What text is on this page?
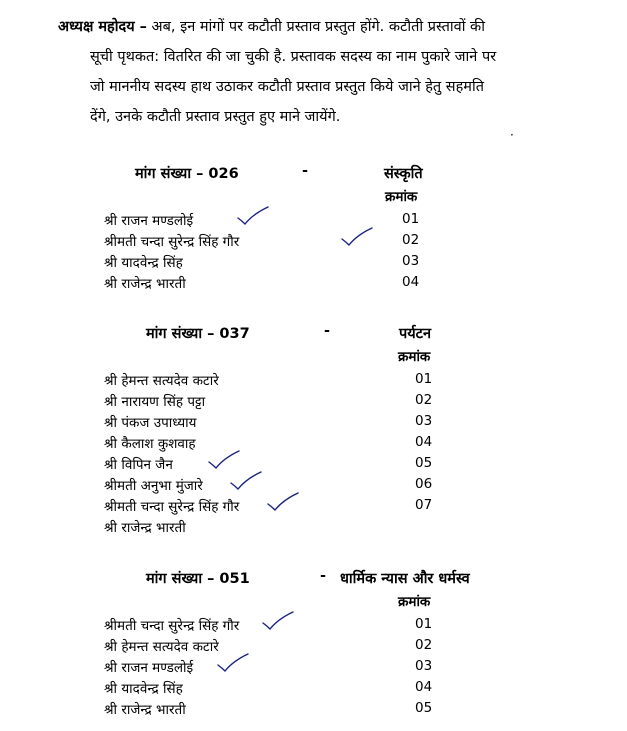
अध्यक्ष महोदय – अब, इन मांगों पर कटौती प्रस्ताव प्रस्तुत होंगे. कटौती प्रस्तावों की
सूची पृथकत: वितरित की जा चुकी है. प्रस्तावक सदस्य का नाम पुकारे जाने पर
जो माननीय सदस्य हाथ उठाकर कटौती प्रस्ताव प्रस्तुत किये जाने हेतु सहमति
देंगे, उनके कटौती प्रस्ताव प्रस्तुत हुए माने जायेंगे.
·
मांग संख्या – 026	-	संस्कृति
क्रमांक
श्री राजन मण्डलोई	01
श्रीमती चन्दा सुरेन्द्र सिंह गौर	02
श्री यादवेन्द्र सिंह	03
श्री राजेन्द्र भारती	04
मांग संख्या – 037	-	पर्यटन
क्रमांक
श्री हेमन्त सत्यदेव कटारे	01
श्री नारायण सिंह पट्टा	02
श्री पंकज उपाध्याय	03
श्री कैलाश कुशवाह	04
श्री विपिन जैन	05
श्रीमती अनुभा मुंजारे	06
श्रीमती चन्दा सुरेन्द्र सिंह गौर	07
श्री राजेन्द्र भारती
मांग संख्या – 051	- धार्मिक न्यास और धर्मस्व
क्रमांक
श्रीमती चन्दा सुरेन्द्र सिंह गौर	01
श्री हेमन्त सत्यदेव कटारे	02
श्री राजन मण्डलोई	03
श्री यादवेन्द्र सिंह	04
श्री राजेन्द्र भारती	05
